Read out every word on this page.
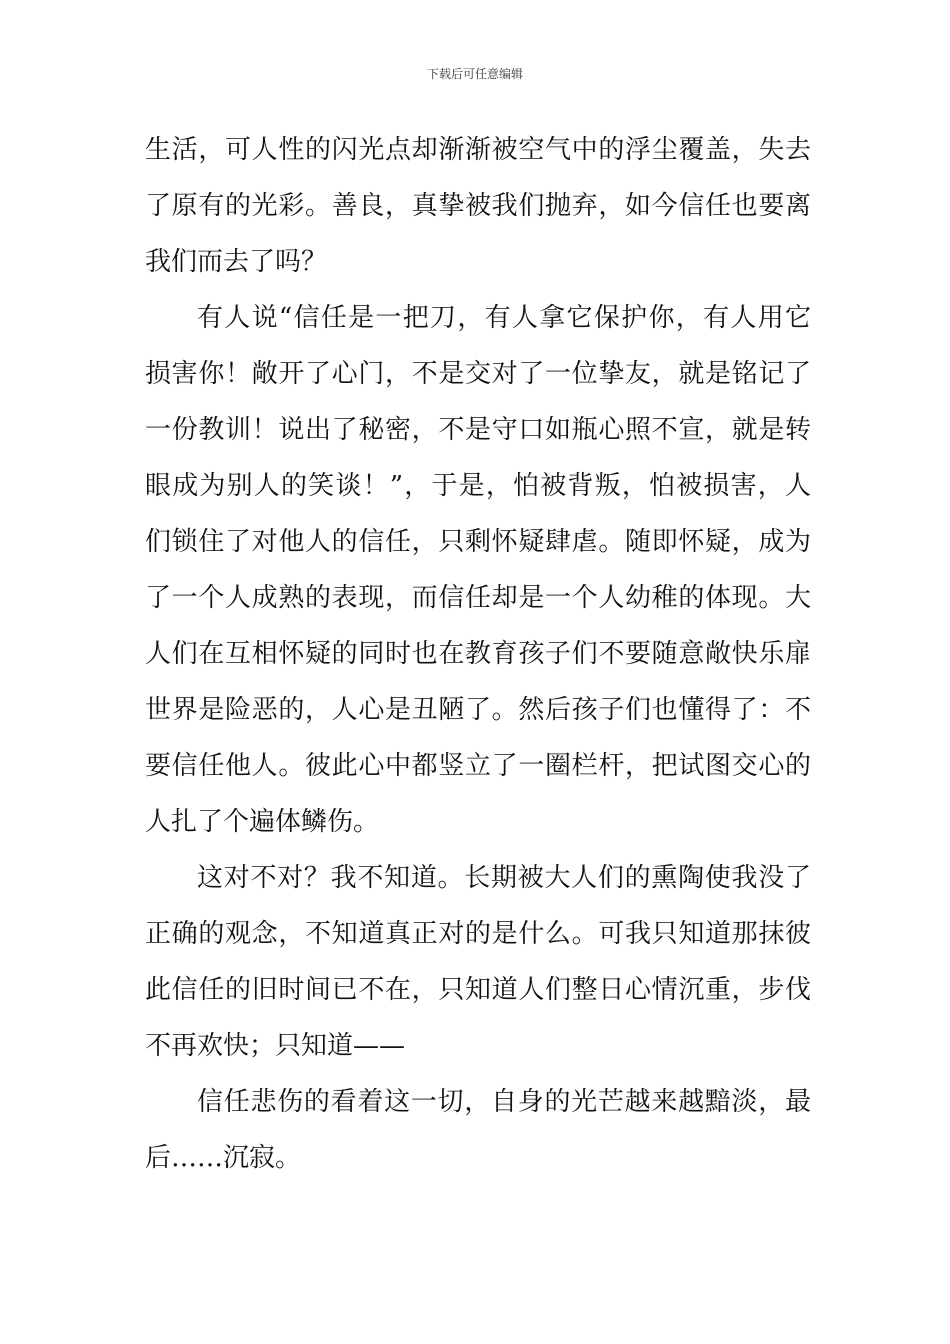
下载后可任意编辑
生活，可人性的闪光点却渐渐被空气中的浮尘覆盖，失去
了原有的光彩。善良，真挚被我们抛弃，如今信任也要离
我们而去了吗？
有人说“信任是一把刀，有人拿它保护你，有人用它
损害你！敞开了心门，不是交对了一位挚友，就是铭记了
一份教训！说出了秘密，不是守口如瓶心照不宣，就是转
眼成为别人的笑谈！”，于是，怕被背叛，怕被损害，人
们锁住了对他人的信任，只剩怀疑肆虐。随即怀疑，成为
了一个人成熟的表现，而信任却是一个人幼稚的体现。大
人们在互相怀疑的同时也在教育孩子们不要随意敞快乐扉
世界是险恶的，人心是丑陋了。然后孩子们也懂得了：不
要信任他人。彼此心中都竖立了一圈栏杆，把试图交心的
人扎了个遍体鳞伤。
这对不对？我不知道。长期被大人们的熏陶使我没了
正确的观念，不知道真正对的是什么。可我只知道那抹彼
此信任的旧时间已不在，只知道人们整日心情沉重，步伐
不再欢快；只知道——
信任悲伤的看着这一切，自身的光芒越来越黯淡，最
后……沉寂。
